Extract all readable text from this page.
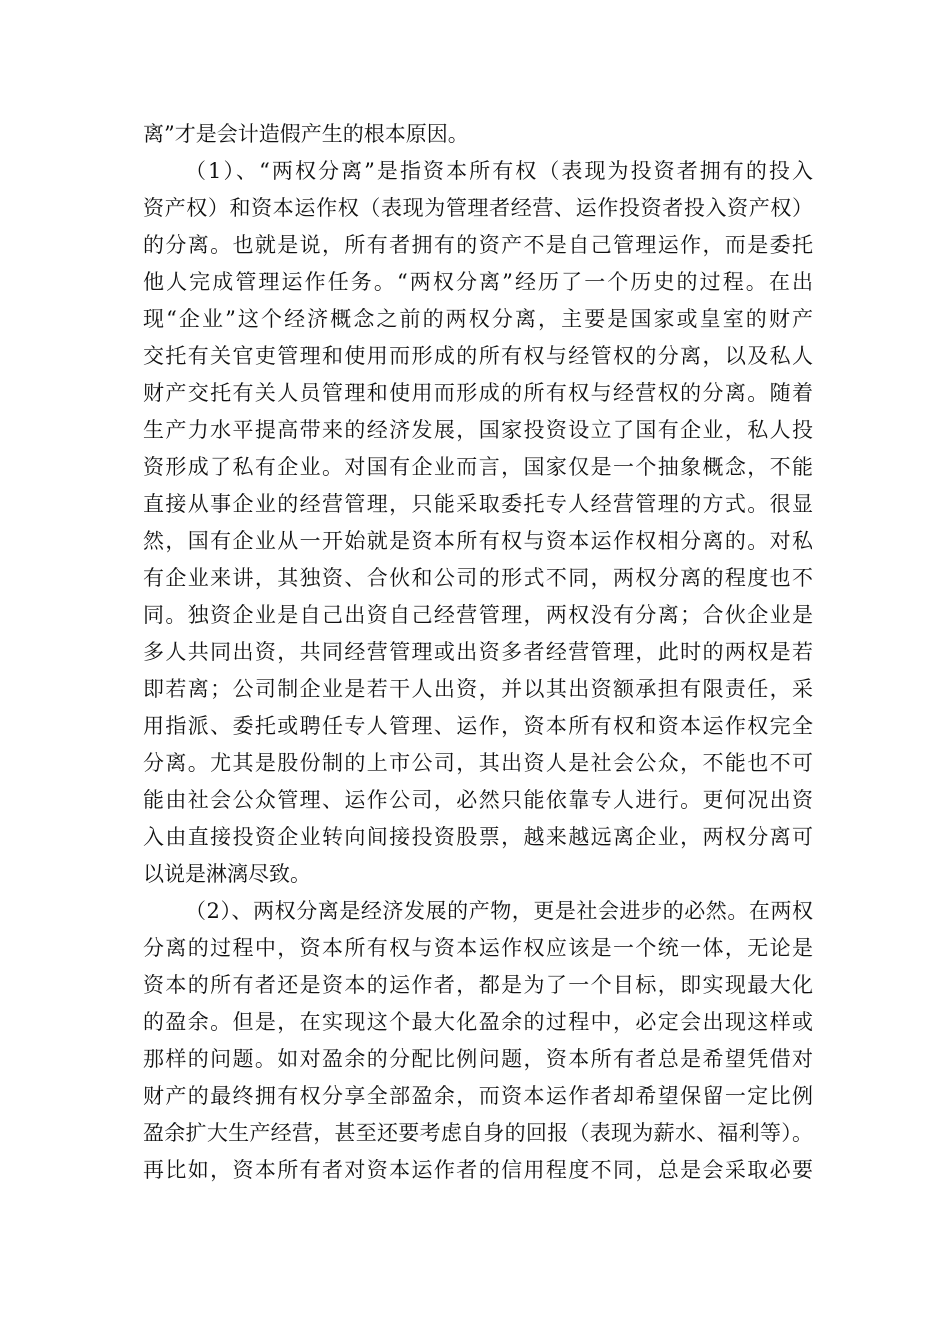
离”才是会计造假产生的根本原因。
（1）、“两权分离”是指资本所有权（表现为投资者拥有的投入
资产权）和资本运作权（表现为管理者经营、运作投资者投入资产权）
的分离。也就是说，所有者拥有的资产不是自己管理运作，而是委托
他人完成管理运作任务。“两权分离”经历了一个历史的过程。在出
现“企业”这个经济概念之前的两权分离，主要是国家或皇室的财产
交托有关官吏管理和使用而形成的所有权与经管权的分离，以及私人
财产交托有关人员管理和使用而形成的所有权与经营权的分离。随着
生产力水平提高带来的经济发展，国家投资设立了国有企业，私人投
资形成了私有企业。对国有企业而言，国家仅是一个抽象概念，不能
直接从事企业的经营管理，只能采取委托专人经营管理的方式。很显
然，国有企业从一开始就是资本所有权与资本运作权相分离的。对私
有企业来讲，其独资、合伙和公司的形式不同，两权分离的程度也不
同。独资企业是自己出资自己经营管理，两权没有分离；合伙企业是
多人共同出资，共同经营管理或出资多者经营管理，此时的两权是若
即若离；公司制企业是若干人出资，并以其出资额承担有限责任，采
用指派、委托或聘任专人管理、运作，资本所有权和资本运作权完全
分离。尤其是股份制的上市公司，其出资人是社会公众，不能也不可
能由社会公众管理、运作公司，必然只能依靠专人进行。更何况出资
入由直接投资企业转向间接投资股票，越来越远离企业，两权分离可
以说是淋漓尽致。
（2）、两权分离是经济发展的产物，更是社会进步的必然。在两权
分离的过程中，资本所有权与资本运作权应该是一个统一体，无论是
资本的所有者还是资本的运作者，都是为了一个目标，即实现最大化
的盈余。但是，在实现这个最大化盈余的过程中，必定会出现这样或
那样的问题。如对盈余的分配比例问题，资本所有者总是希望凭借对
财产的最终拥有权分享全部盈余，而资本运作者却希望保留一定比例
盈余扩大生产经营，甚至还要考虑自身的回报（表现为薪水、福利等）。
再比如，资本所有者对资本运作者的信用程度不同，总是会采取必要
